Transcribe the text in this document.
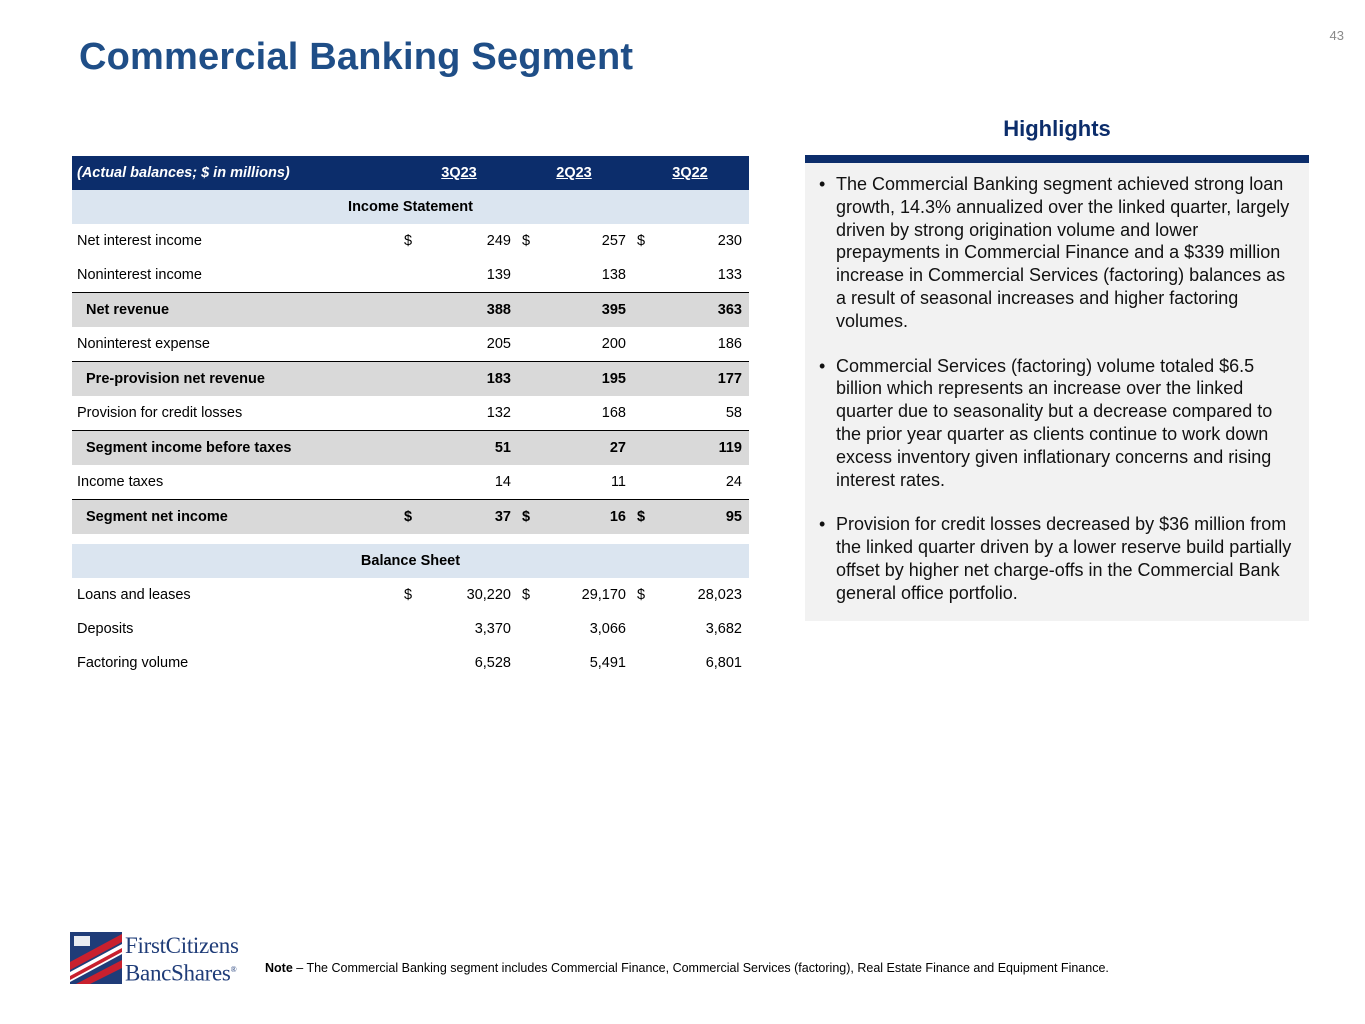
43
Commercial Banking Segment
(Actual balances; $ in millions)	3Q23	2Q23	3Q22
Income Statement
Net interest income	$	249 $	257 $	230
Noninterest income	139	138	133
Net revenue	388	395	363
Noninterest expense	205	200	186
Pre-provision net revenue	183	195	177
Provision for credit losses	132	168	58
Segment income before taxes	51	27	119
Income taxes	14	11	24
Segment net income	$	37 $	16 $	95
Balance Sheet
Loans and leases	$	30,220 $	29,170 $	28,023
Deposits	3,370	3,066	3,682
Factoring volume	6,528	5,491	6,801
Highlights
• The Commercial Banking segment achieved strong loan growth, 14.3% annualized over the linked quarter, largely driven by strong origination volume and lower prepayments in Commercial Finance and a $339 million increase in Commercial Services (factoring) balances as a result of seasonal increases and higher factoring volumes.
• Commercial Services (factoring) volume totaled $6.5 billion which represents an increase over the linked quarter due to seasonality but a decrease compared to the prior year quarter as clients continue to work down excess inventory given inflationary concerns and rising interest rates.
• Provision for credit losses decreased by $36 million from the linked quarter driven by a lower reserve build partially offset by higher net charge-offs in the Commercial Bank general office portfolio.
FirstCitizens
BancShares® Note – The Commercial Banking segment includes Commercial Finance, Commercial Services (factoring), Real Estate Finance and Equipment Finance.
